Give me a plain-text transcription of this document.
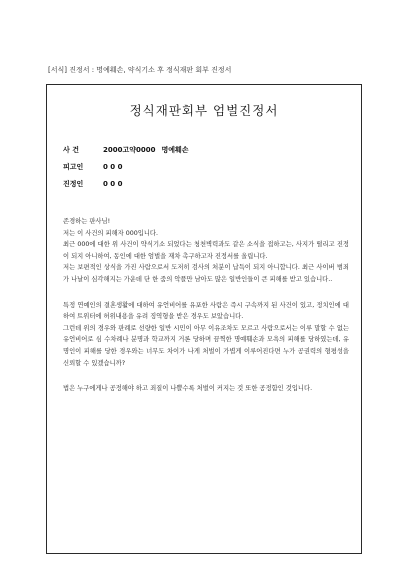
[서식] 진정서 : 명예훼손, 약식기소 후 정식재판 회부 진정서
정식재판회부 엄벌진정서
사 건	2000고약0000 명예훼손
피고인	0 0 0
진정인	0 0 0

존경하는 판사님!

저는 이 사건의 피해자 000입니다.

최근 000에 대한 위 사건이 약식기소 되었다는 청천벽력과도 같은 소식을 접하고는, 사지가 떨리고 진정이 되지 아니하여, 동인에 대한 엄벌을 재차 촉구하고자 진정서를 올립니다.

저는 보편적인 상식을 가진 사람으로서 도저히 검사의 처분이 납득이 되지 아니합니다. 최근 사이버 범죄가 나날이 심각해지는 가운데 단 한 줌의 악플만 남아도 많은 일반인들이 큰 피해를 받고 있습니다..

특정 연예인의 결혼생활에 대하여 유언비어를 유포한 사람은 즉시 구속까지 된 사건이 있고, 정치인에 대하여 트위터에 허위내용을 유려 징역형을 받은 경우도 보았습니다.

그런데 위의 경우와 판례로 선량한 일반 시민이 아무 이유조차도 모르고 사람으로서는 이루 말할 수 없는 유언비어로 심 수차례나 분명과 학교까지 거론 당하며 끔찍한 명예훼손과 모욕의 피해를 당하였는데, 유명인이 피해를 당한 경우와는 너무도 차이가 나게 처벌이 가볍게 이루어진다면 누가 공권력의 형평성을 신뢰할 수 있겠습니까?

법은 누구에게나 공정해야 하고 죄질이 나쁠수록 처벌이 커지는 것 또한 공정함인 것입니다.
